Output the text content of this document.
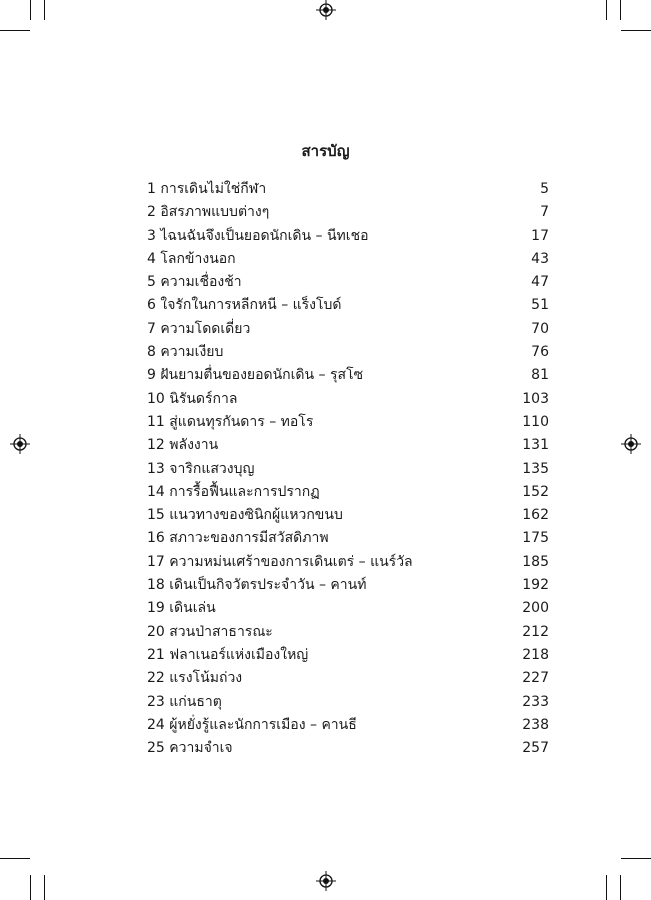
สารบัญ
1 การเดินไม่ใช่กีฬา	5
2 อิสรภาพแบบต่างๆ	7
3 ไฉนฉันจึงเป็นยอดนักเดิน – นีทเชอ	17
4 โลกข้างนอก	43
5 ความเชื่องช้า	47
6 ใจรักในการหลีกหนี – แร็งโบด์	51
7 ความโดดเดี่ยว	70
8 ความเงียบ	76
9 ฝันยามตื่นของยอดนักเดิน – รุสโซ	81
10 นิรันดร์กาล	103
11 สู่แดนทุรกันดาร – ทอโร	110
12 พลังงาน	131
13 จาริกแสวงบุญ	135
14 การรื้อฟื้นและการปรากฏ	152
15 แนวทางของซินิกผู้แหวกขนบ	162
16 สภาวะของการมีสวัสดิภาพ	175
17 ความหม่นเศร้าของการเดินเตร่ – แนร์วัล	185
18 เดินเป็นกิจวัตรประจำวัน – คานท์	192
19 เดินเล่น	200
20 สวนป่าสาธารณะ	212
21 ฟลาเนอร์แห่งเมืองใหญ่	218
22 แรงโน้มถ่วง	227
23 แก่นธาตุ	233
24 ผู้หยั่งรู้และนักการเมือง – คานธี	238
25 ความจำเจ	257
